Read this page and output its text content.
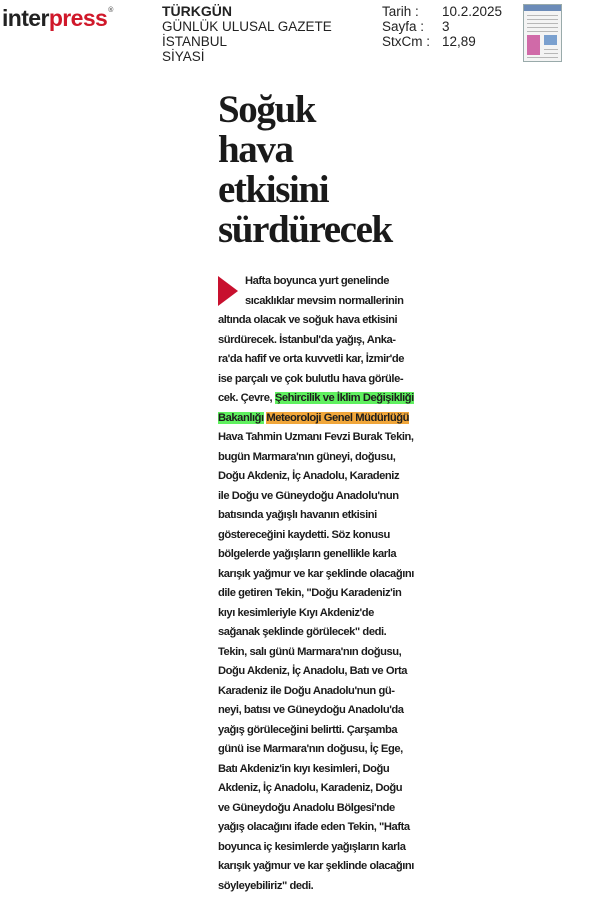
interpress®	TÜRKGÜN
GÜNLÜK ULUSAL GAZETE
İSTANBUL
SİYASİ
Tarih :	10.2.2025
Sayfa :	3
StxCm : 12,89
Soğuk
hava
etkisini
sürdürecek
Hafta boyunca yurt genelinde
sıcaklıklar mevsim normallerinin
altında olacak ve soğuk hava etkisini
sürdürecek. İstanbul'da yağış, Anka-
ra'da hafif ve orta kuvvetli kar, İzmir'de
ise parçalı ve çok bulutlu hava görüle-
cek. Çevre, Şehircilik ve İklim Değişikliği
Bakanlığı Meteoroloji Genel Müdürlüğü
Hava Tahmin Uzmanı Fevzi Burak Tekin,
bugün Marmara'nın güneyi, doğusu,
Doğu Akdeniz, İç Anadolu, Karadeniz
ile Doğu ve Güneydoğu Anadolu'nun
batısında yağışlı havanın etkisini
göstereceğini kaydetti. Söz konusu
bölgelerde yağışların genellikle karla
karışık yağmur ve kar şeklinde olacağını
dile getiren Tekin, "Doğu Karadeniz'in
kıyı kesimleriyle Kıyı Akdeniz'de
sağanak şeklinde görülecek" dedi.
Tekin, salı günü Marmara'nın doğusu,
Doğu Akdeniz, İç Anadolu, Batı ve Orta
Karadeniz ile Doğu Anadolu'nun gü-
neyi, batısı ve Güneydoğu Anadolu'da
yağış görüleceğini belirtti. Çarşamba
günü ise Marmara'nın doğusu, İç Ege,
Batı Akdeniz'in kıyı kesimleri, Doğu
Akdeniz, İç Anadolu, Karadeniz, Doğu
ve Güneydoğu Anadolu Bölgesi'nde
yağış olacağını ifade eden Tekin, "Hafta
boyunca iç kesimlerde yağışların karla
karışık yağmur ve kar şeklinde olacağını
söyleyebiliriz" dedi.
